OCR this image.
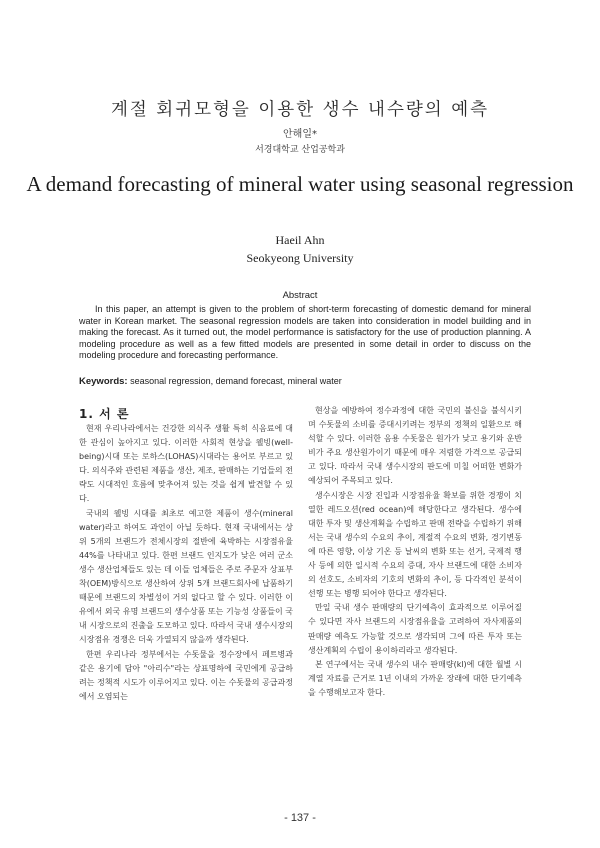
계절 회귀모형을 이용한 생수 내수량의 예측
안해일*
서경대학교 산업공학과
A demand forecasting of mineral water using seasonal regression
Haeil Ahn
Seokyeong University
Abstract
In this paper, an attempt is given to the problem of short-term forecasting of domestic demand for mineral water in Korean market. The seasonal regression models are taken into consideration in model building and in making the forecast. As it turned out, the model performance is satisfactory for the use of production planning. A modeling procedure as well as a few fitted models are presented in some detail in order to discuss on the modeling procedure and forecasting performance.
Keywords: seasonal regression, demand forecast, mineral water
1. 서 론

현재 우리나라에서는 건강한 의식주 생활 특히 식음료에 대한 관심이 높아지고 있다. 이러한 사회적 현상을 웰빙(well-being)시대 또는 로하스(LOHAS)시대라는 용어로 부르고 있다. 의식주와 관련된 제품을 생산, 제조, 판매하는 기업들의 전략도 시대적인 흐름에 맞추어져 있는 것을 쉽게 발견할 수 있다.

국내의 웰빙 시대를 최초로 예고한 제품이 생수(mineral water)라고 하여도 과언이 아닐 듯하다. 현재 국내에서는 상위 5개의 브랜드가 전체시장의 절반에 육박하는 시장점유율 44%를 나타내고 있다. 한편 브랜드 인지도가 낮은 여러 군소 생수 생산업체들도 있는 데 이들 업체들은 주로 주문자 상표부착(OEM)방식으로 생산하여 상위 5개 브랜드회사에 납품하기 때문에 브랜드의 차별성이 거의 없다고 할 수 있다. 이러한 이유에서 외국 유명 브랜드의 생수상품 또는 기능성 상품들이 국내 시장으로의 진출을 도모하고 있다. 따라서 국내 생수시장의 시장점유 경쟁은 더욱 가열되지 않을까 생각된다.

한편 우리나라 정부에서는 수돗물을 정수장에서 페트병과 같은 용기에 담아 "아리수"라는 상표명하에 국민에게 공급하려는 정책적 시도가 이루어지고 있다. 이는 수돗물의 공급과정에서 오염되는

현상을 예방하여 정수과정에 대한 국민의 불신을 불식시키며 수돗물의 소비를 증대시키려는 정부의 정책의 일환으로 해석할 수 있다. 이러한 음용 수돗물은 원가가 낮고 용기와 운반비가 주요 생산원가이기 때문에 매우 저렴한 가격으로 공급되고 있다. 따라서 국내 생수시장의 판도에 미칠 어떠한 변화가 예상되어 주목되고 있다.

생수시장은 시장 진입과 시장점유율 확보를 위한 경쟁이 치열한 레드오션(red ocean)에 해당한다고 생각된다. 생수에 대한 투자 및 생산계획을 수립하고 판매 전략을 수립하기 위해서는 국내 생수의 수요의 추이, 계절적 수요의 변화, 경기변동에 따른 영향, 이상 기온 등 날씨의 변화 또는 선거, 국제적 행사 등에 의한 일시적 수요의 증대, 자사 브랜드에 대한 소비자의 선호도, 소비자의 기호의 변화의 추이, 등 다각적인 분석이 선행 또는 병행 되어야 한다고 생각된다.

만일 국내 생수 판매량의 단기예측이 효과적으로 이루어질 수 있다면 자사 브랜드의 시장점유율을 고려하여 자사제품의 판매량 예측도 가능할 것으로 생각되며 그에 따른 투자 또는 생산계획의 수립이 용이하리라고 생각된다.

본 연구에서는 국내 생수의 내수 판매량(kl)에 대한 월별 시계열 자료를 근거로 1년 이내의 가까운 장래에 대한 단기예측을 수행해보고자 한다.

- 137 -
